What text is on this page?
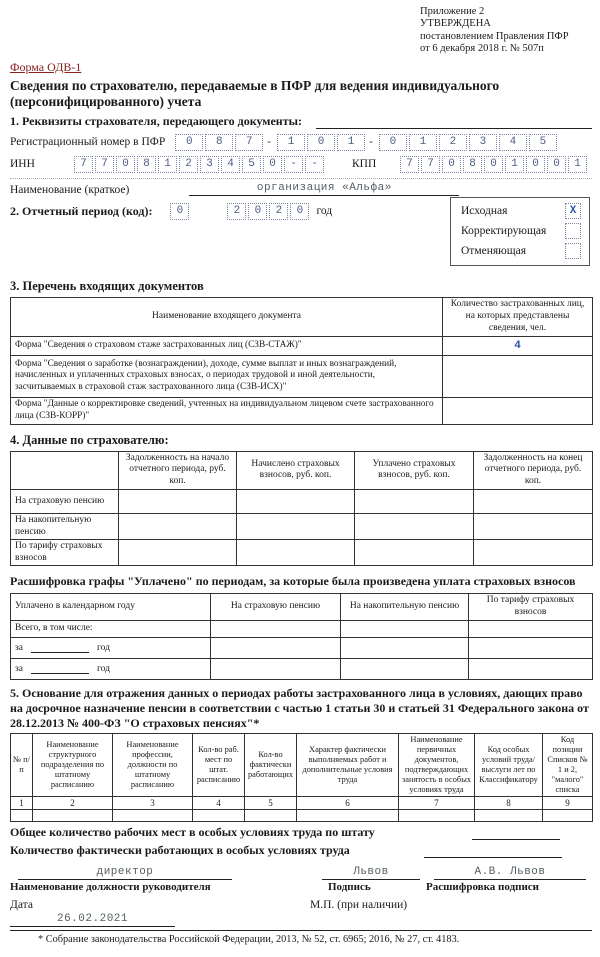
Приложение 2
УТВЕРЖДЕНА
постановлением Правления ПФР
от 6 декабря 2018 г. № 507п
Форма ОДВ-1
Сведения по страхователю, передаваемые в ПФР для ведения индивидуального (персонифицированного) учета
1. Реквизиты страхователя, передающего документы:
Регистрационный номер в ПФР	0	8	7	-	1	0	1	-	0	1	2	3	4	5
ИНН	7	7	0	8	1	2	3	4	5	0	-	-	КПП	7	7	0	8	0	1	0	0	1
Наименование (краткое)	организация «Альфа»
2. Отчетный период (код):	0	2	0	2	0	год	Исходная	X
Корректирующая
Отменяющая
3. Перечень входящих документов
Наименование входящего документа	Количество застрахованных лиц, на которых представлены сведения, чел.
Форма "Сведения о страховом стаже застрахованных лиц (СЗВ-СТАЖ)"	4
Форма "Сведения о заработке (вознаграждении), доходе, сумме выплат и иных вознаграждений, начисленных и уплаченных страховых взносах, о периодах трудовой и иной деятельности, засчитываемых в страховой стаж застрахованного лица (СЗВ-ИСХ)"	
Форма "Данные о корректировке сведений, учтенных на индивидуальном лицевом счете застрахованного лица (СЗВ-КОРР)"	
4. Данные по страхователю:
	Задолженность на начало отчетного периода, руб. коп.	Начислено страховых взносов, руб. коп.	Уплачено страховых взносов, руб. коп.	Задолженность на конец отчетного периода, руб. коп.
На страховую пенсию				
На накопительную пенсию				
По тарифу страховых взносов				
Расшифровка графы "Уплачено" по периодам, за которые была произведена уплата страховых взносов
Уплачено в календарном году	На страховую пенсию	На накопительную пенсию	По тарифу страховых взносов
Всего, в том числе:			

за год			

за год			

5. Основание для отражения данных о периодах работы застрахованного лица в условиях, дающих право на досрочное назначение пенсии в соответствии с частью 1 статьи 30 и статьей 31 Федерального закона от 28.12.2013 № 400-ФЗ "О страховых пенсиях"*
№ п/п	Наименование структурного подразделения по штатному расписанию	Наименование профессии, должности по штатному расписанию	Кол-во раб. мест по штат. расписанию	Кол-во фактически работающих	Характер фактически выполняемых работ и дополнительные условия труда	Наименование первичных документов, подтверждающих занятость в особых условиях труда	Код особых условий труда/ выслуги лет по Классификатору	Код позиции Списков № 1 и 2, "малого" списка
1	2	3	4	5	6	7	8	9

Общее количество рабочих мест в особых условиях труда по штату
Количество фактически работающих в особых условиях труда
директор	Львов	А.В. Львов
Наименование должности руководителя	Подпись	Расшифровка подписи
Дата	М.П. (при наличии)
26.02.2021
* Собрание законодательства Российской Федерации, 2013, № 52, ст. 6965; 2016, № 27, ст. 4183.
